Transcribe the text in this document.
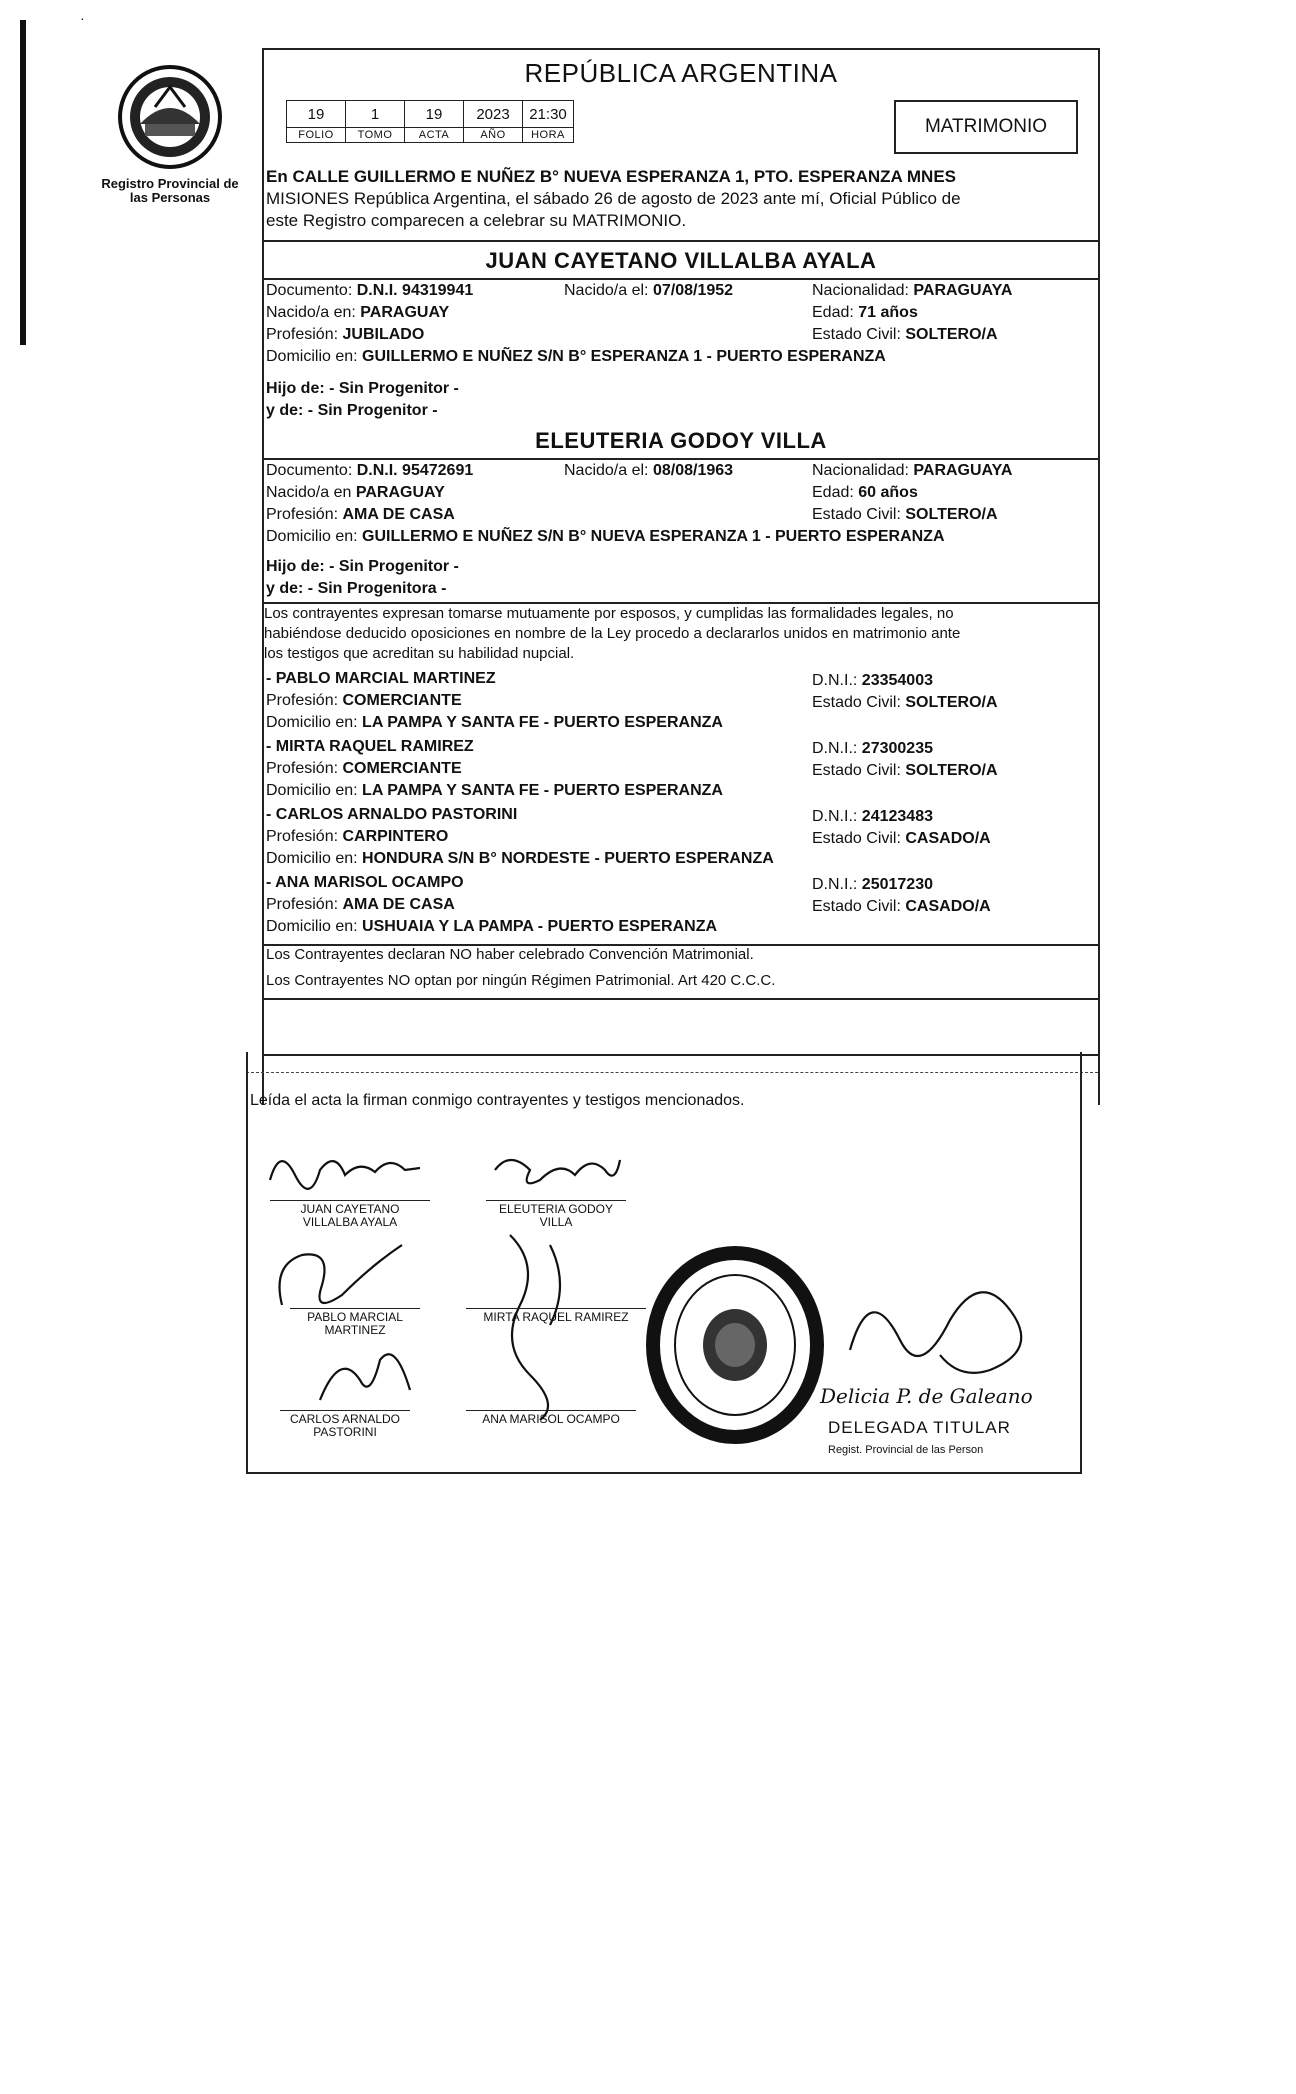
Registro Provincial de las Personas
·
REPÚBLICA ARGENTINA
19	1	19	2023	21:30
FOLIO	TOMO	ACTA	AÑO	HORA	MATRIMONIO
En CALLE GUILLERMO E NUÑEZ B° NUEVA ESPERANZA 1, PTO. ESPERANZA MNES
MISIONES República Argentina, el sábado 26 de agosto de 2023 ante mí, Oficial Público de
este Registro comparecen a celebrar su MATRIMONIO.
JUAN CAYETANO VILLALBA AYALA
Documento: D.N.I. 94319941	Nacido/a el: 07/08/1952	Nacionalidad: PARAGUAYA
Nacido/a en: PARAGUAY	Edad: 71 años
Profesión: JUBILADO	Estado Civil: SOLTERO/A
Domicilio en: GUILLERMO E NUÑEZ S/N B° ESPERANZA 1 - PUERTO ESPERANZA
Hijo de: - Sin Progenitor -
y de: - Sin Progenitor -
ELEUTERIA GODOY VILLA
Documento: D.N.I. 95472691	Nacido/a el: 08/08/1963	Nacionalidad: PARAGUAYA
Nacido/a en PARAGUAY	Edad: 60 años
Profesión: AMA DE CASA	Estado Civil: SOLTERO/A
Domicilio en: GUILLERMO E NUÑEZ S/N B° NUEVA ESPERANZA 1 - PUERTO ESPERANZA
Hijo de: - Sin Progenitor -
y de: - Sin Progenitora -
Los contrayentes expresan tomarse mutuamente por esposos, y cumplidas las formalidades legales, no
habiéndose deducido oposiciones en nombre de la Ley procedo a declararlos unidos en matrimonio ante
los testigos que acreditan su habilidad nupcial.
- PABLO MARCIAL MARTINEZ	D.N.I.: 23354003
Profesión: COMERCIANTE	Estado Civil: SOLTERO/A
Domicilio en: LA PAMPA Y SANTA FE - PUERTO ESPERANZA
- MIRTA RAQUEL RAMIREZ	D.N.I.: 27300235
Profesión: COMERCIANTE	Estado Civil: SOLTERO/A
Domicilio en: LA PAMPA Y SANTA FE - PUERTO ESPERANZA
- CARLOS ARNALDO PASTORINI	D.N.I.: 24123483
Profesión: CARPINTERO	Estado Civil: CASADO/A
Domicilio en: HONDURA S/N B° NORDESTE - PUERTO ESPERANZA
- ANA MARISOL OCAMPO	D.N.I.: 25017230
Profesión: AMA DE CASA	Estado Civil: CASADO/A
Domicilio en: USHUAIA Y LA PAMPA - PUERTO ESPERANZA
Los Contrayentes declaran NO haber celebrado Convención Matrimonial.
Los Contrayentes NO optan por ningún Régimen Patrimonial. Art 420 C.C.C.
Leída el acta la firman conmigo contrayentes y testigos mencionados.
JUAN CAYETANO
VILLALBA AYALA
ELEUTERIA GODOY
VILLA
PABLO MARCIAL
MARTINEZ
MIRTA RAQUEL RAMIREZ
CARLOS ARNALDO
PASTORINI
ANA MARISOL OCAMPO
Delicia P. de Galeano
DELEGADA TITULAR
Regist. Provincial de las Person
